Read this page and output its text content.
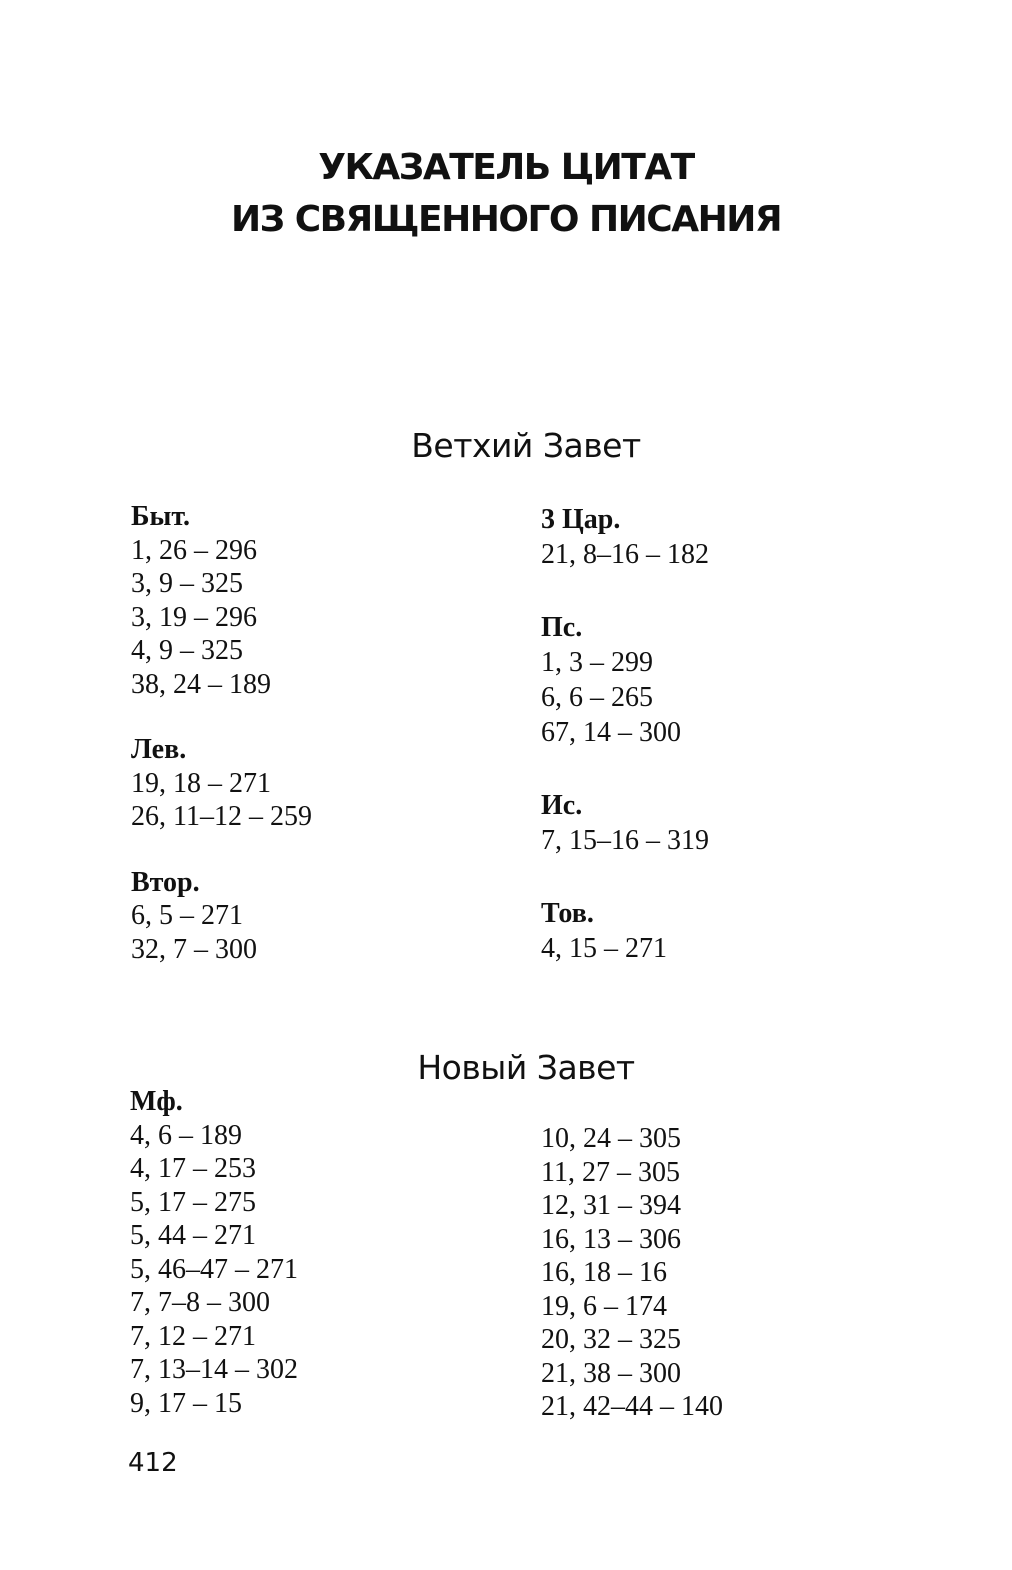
УКАЗАТЕЛЬ ЦИТАТ
ИЗ СВЯЩЕННОГО ПИСАНИЯ
Ветхий Завет
Быт.
1, 26 – 296
3, 9 – 325
3, 19 – 296
4, 9 – 325
38, 24 – 189
Лев.
19, 18 – 271
26, 11–12 – 259
Втор.
6, 5 – 271
32, 7 – 300
3 Цар.
21, 8–16 – 182
Пс.
1, 3 – 299
6, 6 – 265
67, 14 – 300
Ис.
7, 15–16 – 319
Тов.
4, 15 – 271
Новый Завет
Мф.
4, 6 – 189
4, 17 – 253
5, 17 – 275
5, 44 – 271
5, 46–47 – 271
7, 7–8 – 300
7, 12 – 271
7, 13–14 – 302
9, 17 – 15
10, 24 – 305
11, 27 – 305
12, 31 – 394
16, 13 – 306
16, 18 – 16
19, 6 – 174
20, 32 – 325
21, 38 – 300
21, 42–44 – 140
412
